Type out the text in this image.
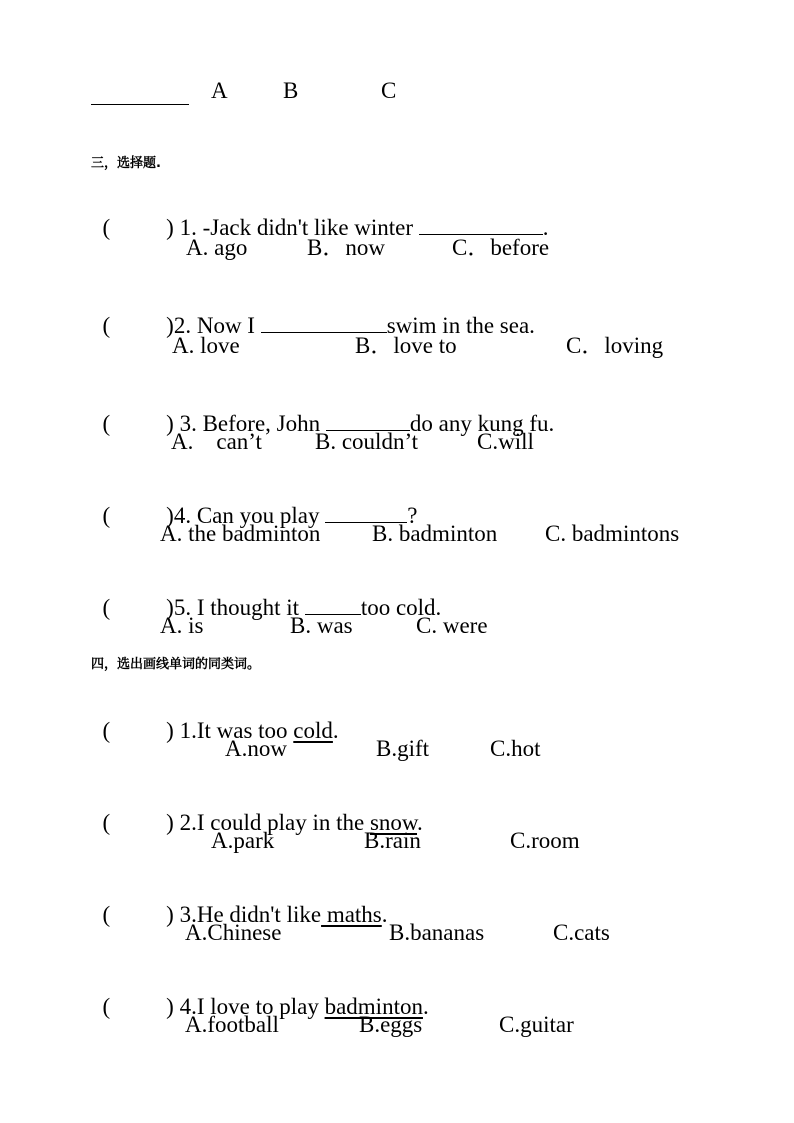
A B	C
三，选择题.

( ) 1. -Jack didn't like winter	.

A. ago	B．now	C．before

( )2. Now I	swim in the sea.

A. love	B．love to	C．loving

( ) 3. Before, John	do any kung fu.

A.    can’t B. couldn’t	C.will

( )4. Can you play	?

A. the badminton B. badminton C. badmintons

( )5. I thought it too cold.

A. is	B. was	C. were
四，选出画线单词的同类词。

( ) 1.It was too cold.

A.now	B.gift	C.hot

( ) 2.I could play in the snow.

A.park	B.rain	C.room

( ) 3.He didn't like maths.

A.Chinese	B.bananas	C.cats

( ) 4.I love to play badminton.

A.football	B.eggs	C.guitar
